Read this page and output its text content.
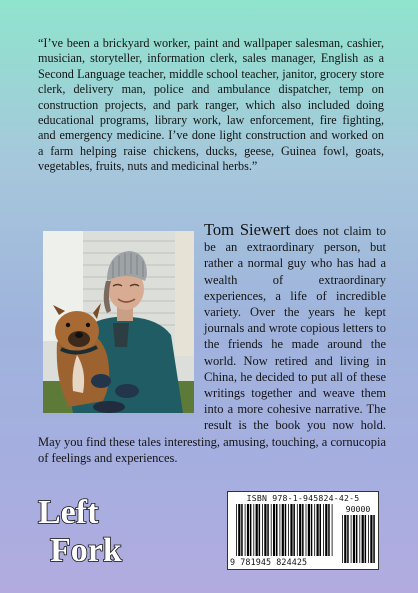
“I’ve been a brickyard worker, paint and wallpaper salesman, cashier, musician, storyteller, information clerk, sales manager, English as a Second Language teacher, middle school teacher, janitor, grocery store clerk, delivery man, police and ambulance dispatcher, temp on construction projects, and park ranger, which also included doing educational programs, library work, law enforcement, fire fighting, and emergency medicine. I’ve done light construction and worked on a farm helping raise chickens, ducks, geese, Guinea fowl, goats, vegetables, fruits, nuts and medicinal herbs.”

Tom Siewert does not claim to be an extraordinary person, but rather a normal guy who has had a wealth of extraordinary experiences, a life of incredible variety. Over the years he kept journals and wrote copious letters to the friends he made around the world. Now retired and living in China, he decided to put all of these writings together and weave them into a more cohesive narrative. The result is the book you now hold. May you find these tales interesting, amusing, touching, a cornucopia of feelings and experiences.

Left
Fork
ISBN 978-1-945824-42-5
90000
9 781945 824425
